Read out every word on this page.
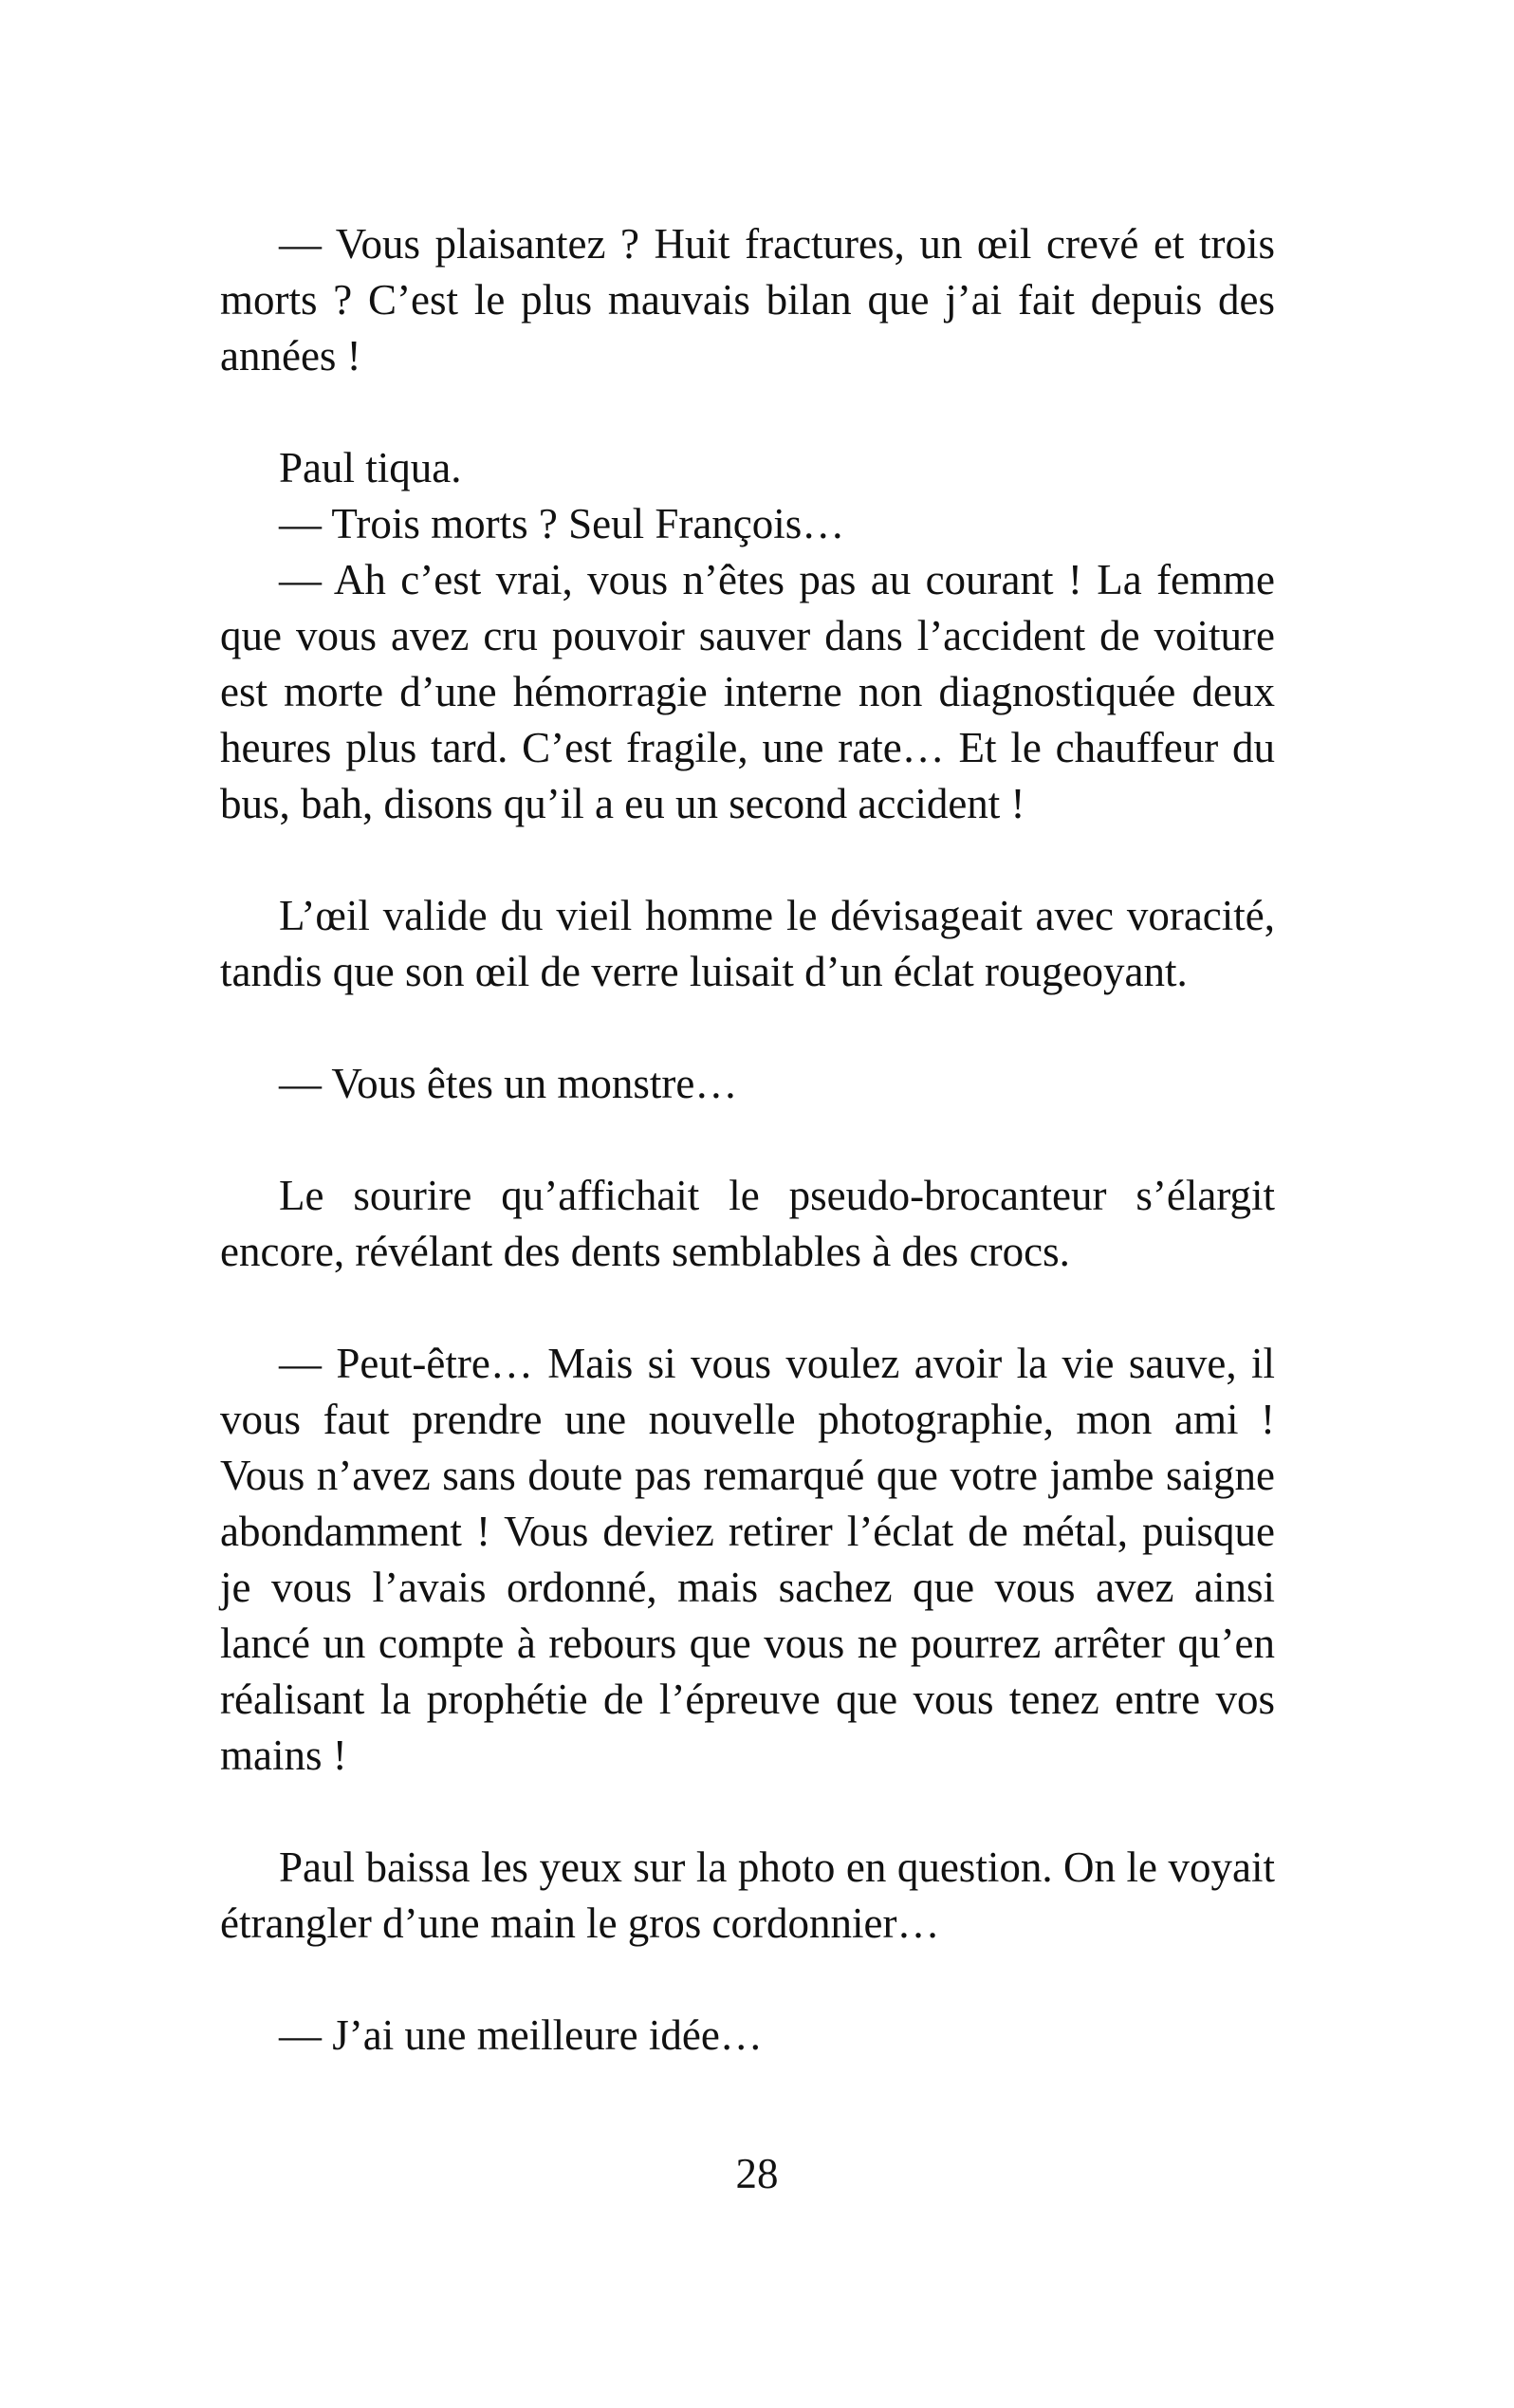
— Vous plaisantez ? Huit fractures, un œil crevé et trois morts ? C’est le plus mauvais bilan que j’ai fait depuis des années !

Paul tiqua.

— Trois morts ? Seul François…

— Ah c’est vrai, vous n’êtes pas au courant ! La femme que vous avez cru pouvoir sauver dans l’accident de voiture est morte d’une hémorragie interne non diagnostiquée deux heures plus tard. C’est fragile, une rate… Et le chauffeur du bus, bah, disons qu’il a eu un second accident !

L’œil valide du vieil homme le dévisageait avec voracité, tandis que son œil de verre luisait d’un éclat rougeoyant.

— Vous êtes un monstre…

Le sourire qu’affichait le pseudo-brocanteur s’élargit encore, révélant des dents semblables à des crocs.

— Peut-être… Mais si vous voulez avoir la vie sauve, il vous faut prendre une nouvelle photographie, mon ami ! Vous n’avez sans doute pas remarqué que votre jambe saigne abondamment ! Vous deviez retirer l’éclat de métal, puisque je vous l’avais ordonné, mais sachez que vous avez ainsi lancé un compte à rebours que vous ne pourrez arrêter qu’en réalisant la prophétie de l’épreuve que vous tenez entre vos mains !

Paul baissa les yeux sur la photo en question. On le voyait étrangler d’une main le gros cordonnier…

— J’ai une meilleure idée…

28
